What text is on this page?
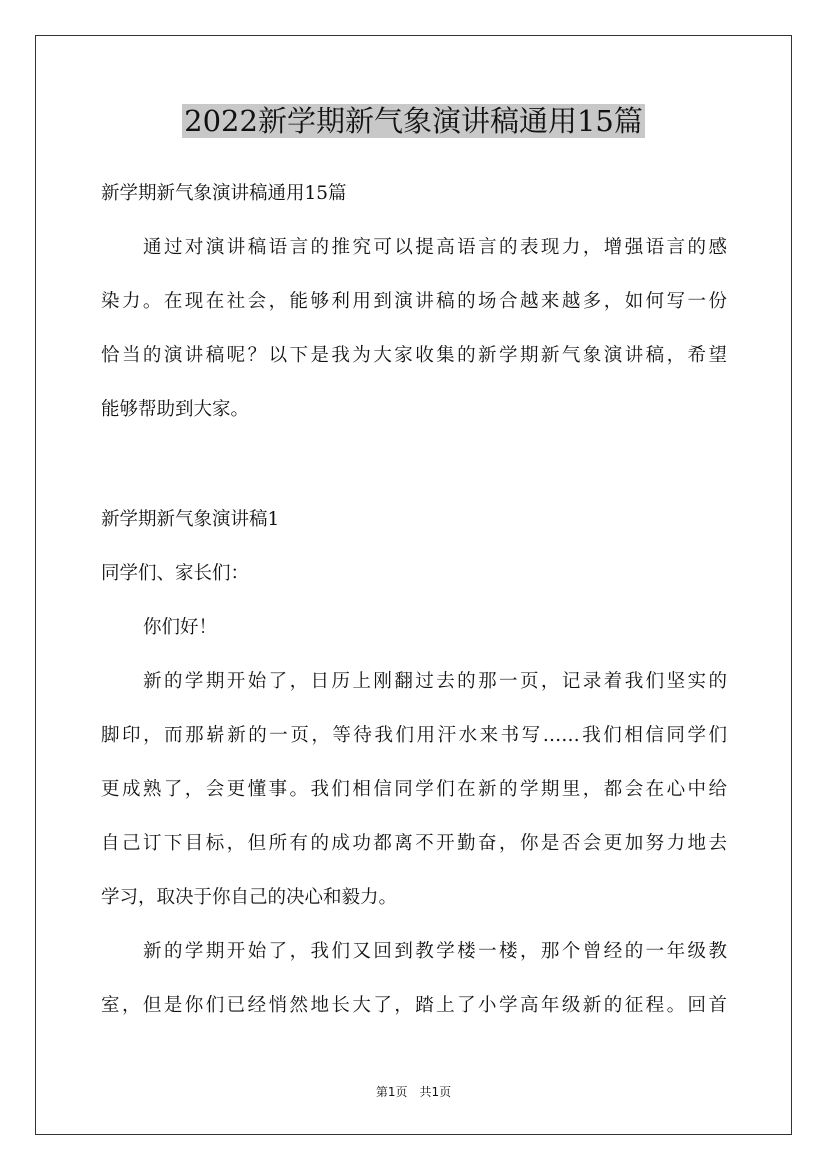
2022新学期新气象演讲稿通用15篇
新学期新气象演讲稿通用15篇
通过对演讲稿语言的推究可以提高语言的表现力，增强语言的感
染力。在现在社会，能够利用到演讲稿的场合越来越多，如何写一份
恰当的演讲稿呢？以下是我为大家收集的新学期新气象演讲稿，希望
能够帮助到大家。
新学期新气象演讲稿1
同学们、家长们：
你们好！
新的学期开始了，日历上刚翻过去的那一页，记录着我们坚实的
脚印，而那崭新的一页，等待我们用汗水来书写……我们相信同学们
更成熟了，会更懂事。我们相信同学们在新的学期里，都会在心中给
自己订下目标，但所有的成功都离不开勤奋，你是否会更加努力地去
学习，取决于你自己的决心和毅力。
新的学期开始了，我们又回到教学楼一楼，那个曾经的一年级教
室，但是你们已经悄然地长大了，踏上了小学高年级新的征程。回首
第1页　共1页
